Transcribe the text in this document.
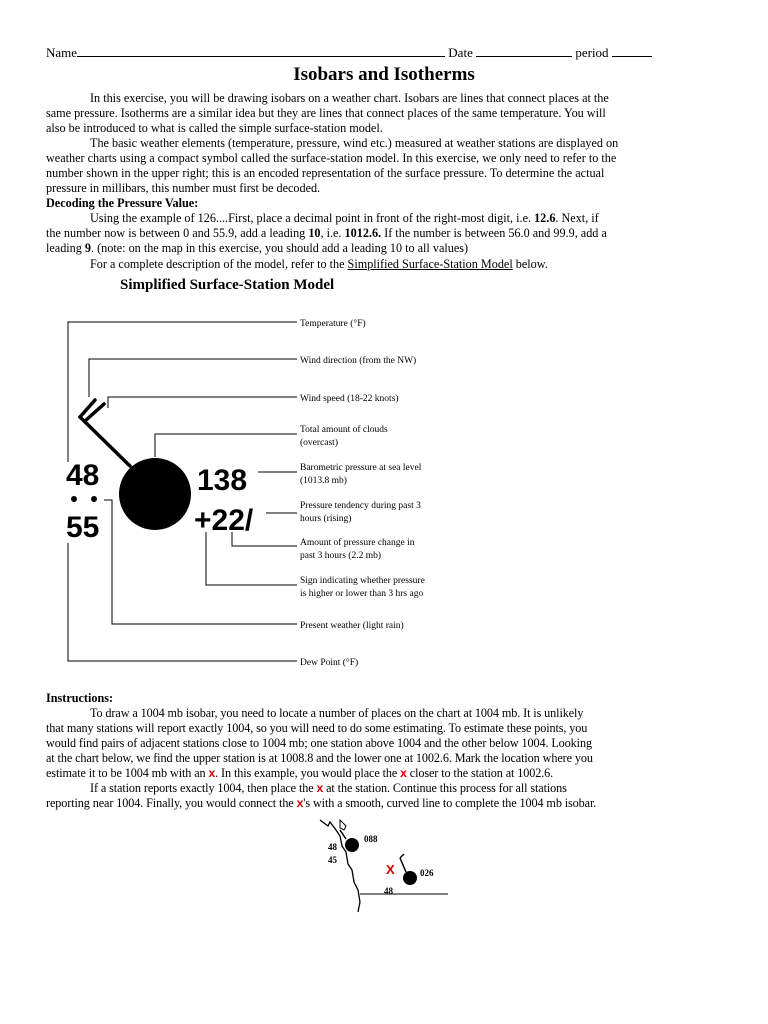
Name	Date	period
Isobars and Isotherms
In this exercise, you will be drawing isobars on a weather chart. Isobars are lines that connect places at the
same pressure. Isotherms are a similar idea but they are lines that connect places of the same temperature. You will
also be introduced to what is called the simple surface-station model.
The basic weather elements (temperature, pressure, wind etc.) measured at weather stations are displayed on
weather charts using a compact symbol called the surface-station model. In this exercise, we only need to refer to the
number shown in the upper right; this is an encoded representation of the surface pressure. To determine the actual
pressure in millibars, this number must first be decoded.
Decoding the Pressure Value:
Using the example of 126....First, place a decimal point in front of the right-most digit, i.e. 12.6. Next, if
the number now is between 0 and 55.9, add a leading 10, i.e. 1012.6. If the number is between 56.0 and 99.9, add a
leading 9. (note: on the map in this exercise, you should add a leading 10 to all values)
For a complete description of the model, refer to the Simplified Surface-Station Model below.
Simplified Surface-Station Model
48
55
138
+22/
Temperature (°F)
Wind direction (from the NW)
Wind speed (18-22 knots)
Total amount of clouds
(overcast)
Barometric pressure at sea level
(1013.8 mb)
Pressure tendency during past 3
hours (rising)
Amount of pressure change in
past 3 hours (2.2 mb)
Sign indicating whether pressure
is higher or lower than 3 hrs ago
Present weather (light rain)
Dew Point (°F)
Instructions:
To draw a 1004 mb isobar, you need to locate a number of places on the chart at 1004 mb. It is unlikely
that many stations will report exactly 1004, so you will need to do some estimating. To estimate these points, you
would find pairs of adjacent stations close to 1004 mb; one station above 1004 and the other below 1004. Looking
at the chart below, we find the upper station is at 1008.8 and the lower one at 1002.6. Mark the location where you
estimate it to be 1004 mb with an x. In this example, you would place the x closer to the station at 1002.6.
If a station reports exactly 1004, then place the x at the station. Continue this process for all stations
reporting near 1004. Finally, you would connect the x's with a smooth, curved line to complete the 1004 mb isobar.
088
48
45
026
48
X
